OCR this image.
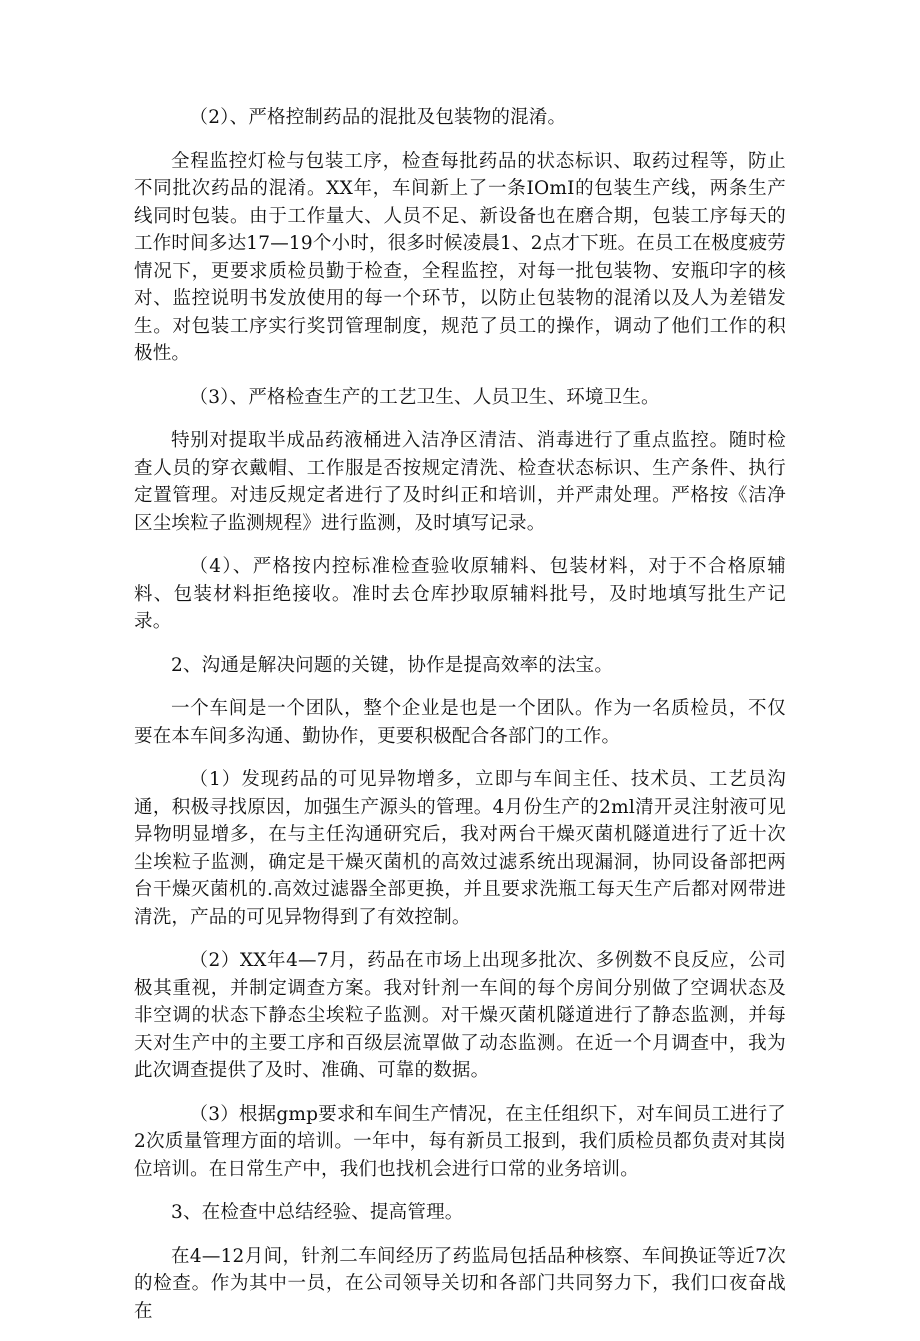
（2）、严格控制药品的混批及包装物的混淆。

全程监控灯检与包装工序，检查每批药品的状态标识、取药过程等，防止不同批次药品的混淆。XX年，车间新上了一条IOmI的包装生产线，两条生产线同时包装。由于工作量大、人员不足、新设备也在磨合期，包装工序每天的工作时间多达17—19个小时，很多时候凌晨1、2点才下班。在员工在极度疲劳情况下，更要求质检员勤于检查，全程监控，对每一批包装物、安瓶印字的核对、监控说明书发放使用的每一个环节，以防止包装物的混淆以及人为差错发生。对包装工序实行奖罚管理制度，规范了员工的操作，调动了他们工作的积极性。

（3）、严格检查生产的工艺卫生、人员卫生、环境卫生。

特别对提取半成品药液桶进入洁净区清洁、消毒进行了重点监控。随时检查人员的穿衣戴帽、工作服是否按规定清洗、检查状态标识、生产条件、执行定置管理。对违反规定者进行了及时纠正和培训，并严肃处理。严格按《洁净区尘埃粒子监测规程》进行监测，及时填写记录。

（4）、严格按内控标准检查验收原辅料、包装材料，对于不合格原辅料、包装材料拒绝接收。准时去仓库抄取原辅料批号，及时地填写批生产记录。

2、沟通是解决问题的关键，协作是提高效率的法宝。

一个车间是一个团队，整个企业是也是一个团队。作为一名质检员，不仅要在本车间多沟通、勤协作，更要积极配合各部门的工作。

（1）发现药品的可见异物增多，立即与车间主任、技术员、工艺员沟通，积极寻找原因，加强生产源头的管理。4月份生产的2ml清开灵注射液可见异物明显增多，在与主任沟通研究后，我对两台干燥灭菌机隧道进行了近十次尘埃粒子监测，确定是干燥灭菌机的高效过滤系统出现漏洞，协同设备部把两台干燥灭菌机的.高效过滤器全部更换，并且要求洗瓶工每天生产后都对网带进清洗，产品的可见异物得到了有效控制。

（2）XX年4—7月，药品在市场上出现多批次、多例数不良反应，公司极其重视，并制定调查方案。我对针剂一车间的每个房间分别做了空调状态及非空调的状态下静态尘埃粒子监测。对干燥灭菌机隧道进行了静态监测，并每天对生产中的主要工序和百级层流罩做了动态监测。在近一个月调查中，我为此次调查提供了及时、准确、可靠的数据。

（3）根据gmp要求和车间生产情况，在主任组织下，对车间员工进行了2次质量管理方面的培训。一年中，每有新员工报到，我们质检员都负责对其岗位培训。在日常生产中，我们也找机会进行口常的业务培训。

3、在检查中总结经验、提高管理。

在4—12月间，针剂二车间经历了药监局包括品种核察、车间换证等近7次的检查。作为其中一员，在公司领导关切和各部门共同努力下，我们口夜奋战在
